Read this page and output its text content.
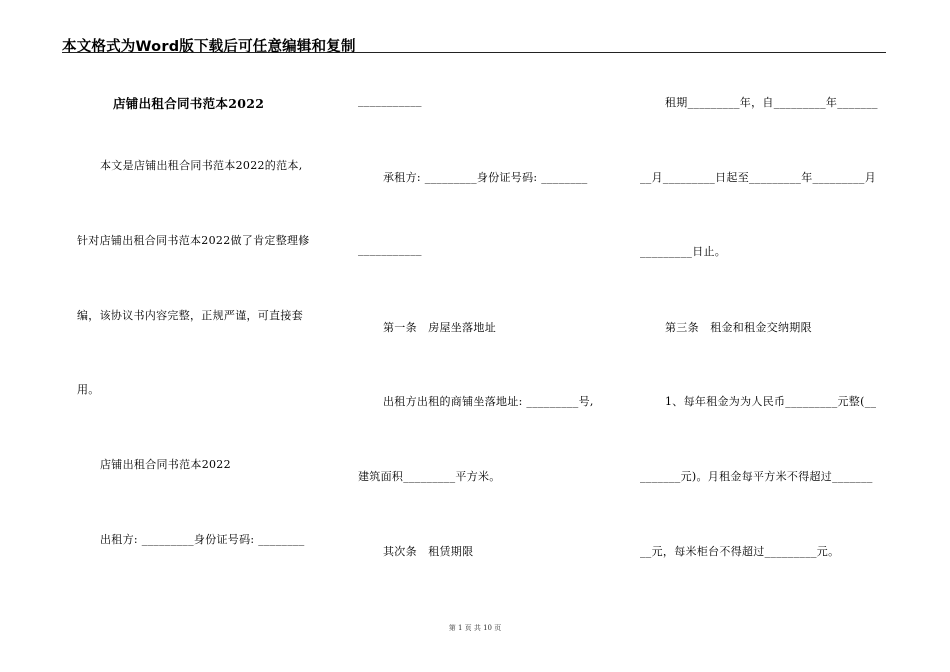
本文格式为Word版下载后可任意编辑和复制
店铺出租合同书范本2022
本文是店铺出租合同书范本2022的范本,
针对店铺出租合同书范本2022做了肯定整理修
编，该协议书内容完整，正规严谨，可直接套
用。
店铺出租合同书范本2022
出租方: _________身份证号码: ________
___________
承租方: _________身份证号码: ________
___________
第一条　房屋坐落地址
出租方出租的商铺坐落地址: _________号,
建筑面积_________平方米。
其次条　租赁期限
租期_________年，自_________年_______
__月_________日起至_________年_________月
_________日止。
第三条　租金和租金交纳期限
1、每年租金为为人民币_________元整(__
_______元)。月租金每平方米不得超过_______
__元，每米柜台不得超过_________元。
第 1 页 共 10 页
